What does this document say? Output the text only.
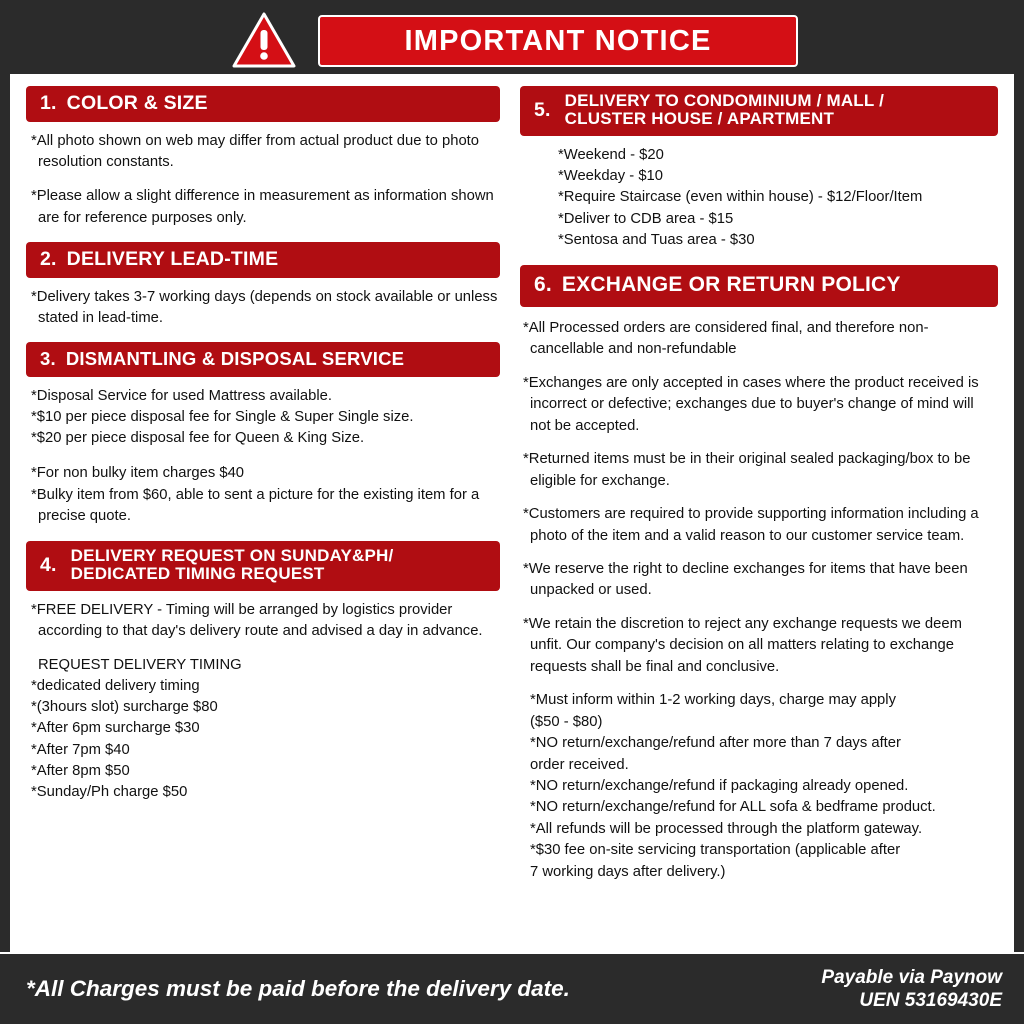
IMPORTANT NOTICE
1. COLOR & SIZE

*All photo shown on web may differ from actual product due to photo resolution constants.

*Please allow a slight difference in measurement as information shown are for reference purposes only.

2. DELIVERY LEAD-TIME

*Delivery takes 3-7 working days (depends on stock available or unless stated in lead-time.

3. DISMANTLING & DISPOSAL SERVICE

*Disposal Service for used Mattress available.

*$10 per piece disposal fee for Single & Super Single size.

*$20 per piece disposal fee for Queen & King Size.

*For non bulky item charges $40

*Bulky item from $60, able to sent a picture for the existing item for a precise quote.

4. DELIVERY REQUEST ON SUNDAY&PH/
DEDICATED TIMING REQUEST

*FREE DELIVERY - Timing will be arranged by logistics provider according to that day's delivery route and advised a day in advance.

REQUEST DELIVERY TIMING

*dedicated delivery timing

*(3hours slot) surcharge $80

*After 6pm surcharge $30

*After 7pm $40

*After 8pm $50

*Sunday/Ph charge $50

5. DELIVERY TO CONDOMINIUM / MALL /
CLUSTER HOUSE / APARTMENT
*Weekend - $20
*Weekday - $10
*Require Staircase (even within house) - $12/Floor/Item
*Deliver to CDB area - $15
*Sentosa and Tuas area - $30
6. EXCHANGE OR RETURN POLICY

*All Processed orders are considered final, and therefore non-cancellable and non-refundable

*Exchanges are only accepted in cases where the product received is incorrect or defective; exchanges due to buyer's change of mind will not be accepted.

*Returned items must be in their original sealed packaging/box to be eligible for exchange.

*Customers are required to provide supporting information including a photo of the item and a valid reason to our customer service team.

*We reserve the right to decline exchanges for items that have been unpacked or used.

*We retain the discretion to reject any exchange requests we deem unfit. Our company's decision on all matters relating to exchange requests shall be final and conclusive.

*Must inform within 1-2 working days, charge may apply
($50 - $80)
*NO return/exchange/refund after more than 7 days after
order received.
*NO return/exchange/refund if packaging already opened.
*NO return/exchange/refund for ALL sofa & bedframe product.
*All refunds will be processed through the platform gateway.
*$30 fee on-site servicing transportation (applicable after
7 working days after delivery.)
*All Charges must be paid before the delivery date.	Payable via Paynow
UEN 53169430E
